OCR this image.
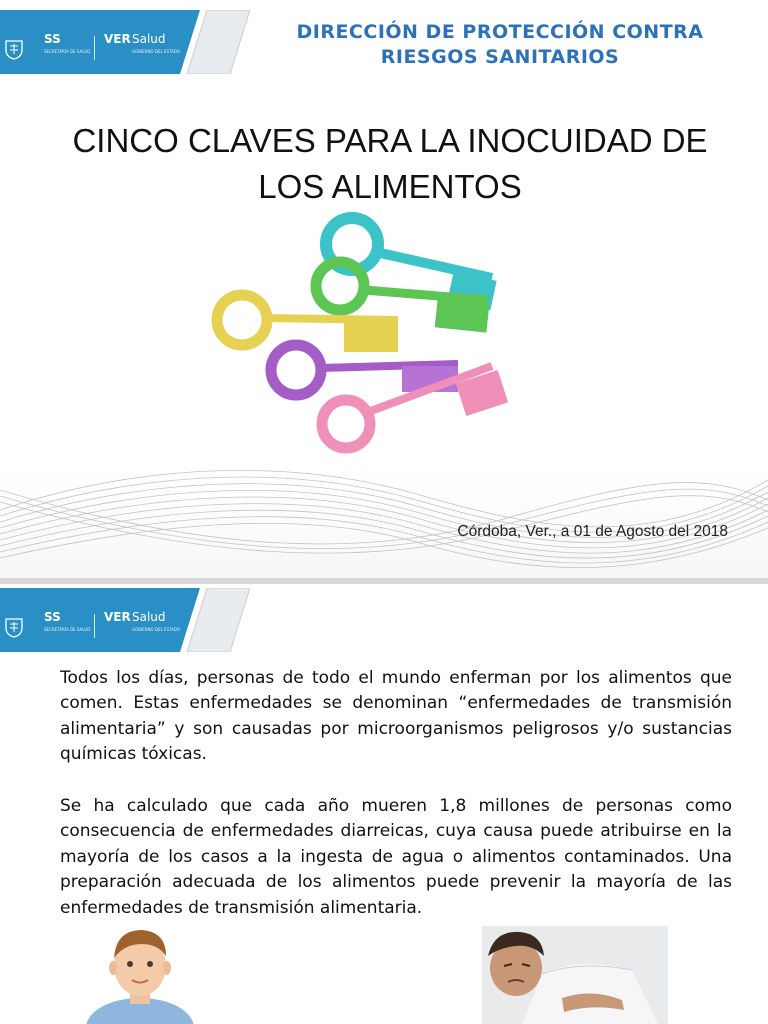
SS
SECRETARÍA DE SALUD
VER Salud
GOBIERNO DEL ESTADO
DIRECCIÓN DE PROTECCIÓN CONTRA
RIESGOS SANITARIOS
CINCO CLAVES PARA LA INOCUIDAD DE
LOS ALIMENTOS
Córdoba, Ver., a 01 de Agosto del 2018
SS
SECRETARÍA DE SALUD
VER Salud
GOBIERNO DEL ESTADO

Todos los días, personas de todo el mundo enferman por los alimentos que comen. Estas enfermedades se denominan “enfermedades de transmisión alimentaria” y son causadas por microorganismos peligrosos y/o sustancias químicas tóxicas.

Se ha calculado que cada año mueren 1,8 millones de personas como consecuencia de enfermedades diarreicas, cuya causa puede atribuirse en la mayoría de los casos a la ingesta de agua o alimentos contaminados. Una preparación adecuada de los alimentos puede prevenir la mayoría de las enfermedades de transmisión alimentaria.
